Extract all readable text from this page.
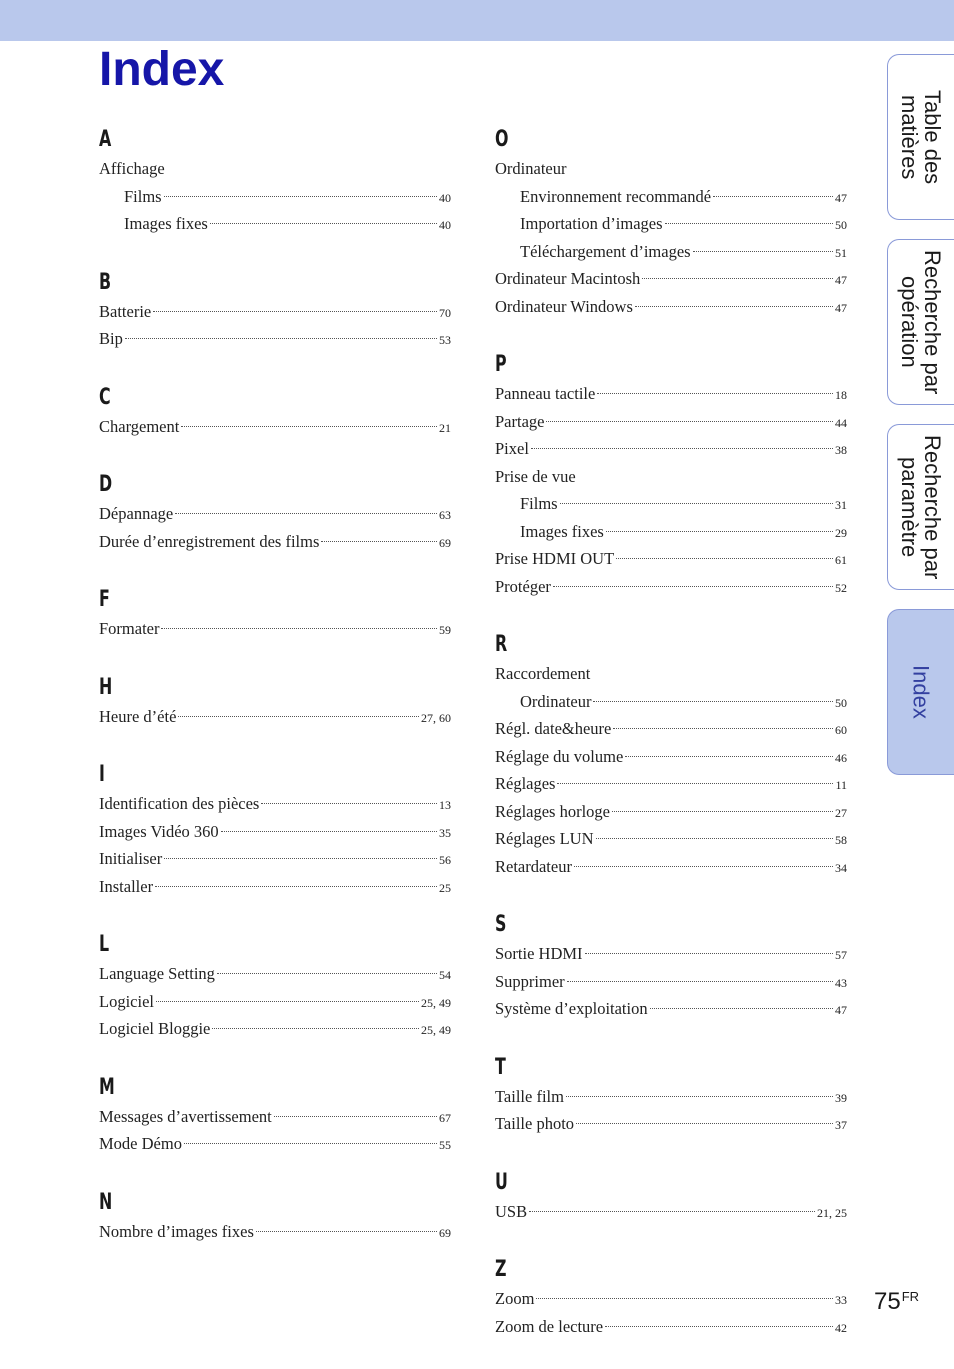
Index
A
Affichage
Films	40
Images fixes	40
B
Batterie	70
Bip	53
C
Chargement	21
D
Dépannage	63
Durée d’enregistrement des films	69
F
Formater	59
H
Heure d’été	27, 60
I
Identification des pièces	13
Images Vidéo 360	35
Initialiser	56
Installer	25
L
Language Setting	54
Logiciel	25, 49
Logiciel Bloggie	25, 49
M
Messages d’avertissement	67
Mode Démo	55
N
Nombre d’images fixes	69
O
Ordinateur
Environnement recommandé	47
Importation d’images	50
Téléchargement d’images	51
Ordinateur Macintosh	47
Ordinateur Windows	47
P
Panneau tactile	18
Partage	44
Pixel	38
Prise de vue
Films	31
Images fixes	29
Prise HDMI OUT	61
Protéger	52
R
Raccordement
Ordinateur	50
Régl. date&heure	60
Réglage du volume	46
Réglages	11
Réglages horloge	27
Réglages LUN	58
Retardateur	34
S
Sortie HDMI	57
Supprimer	43
Système d’exploitation	47
T
Taille film	39
Taille photo	37
U
USB	21, 25
Z
Zoom	33
Zoom de lecture	42
Table des matières
Recherche par opération
Recherche par paramètre
Index
$75^{FR}$
